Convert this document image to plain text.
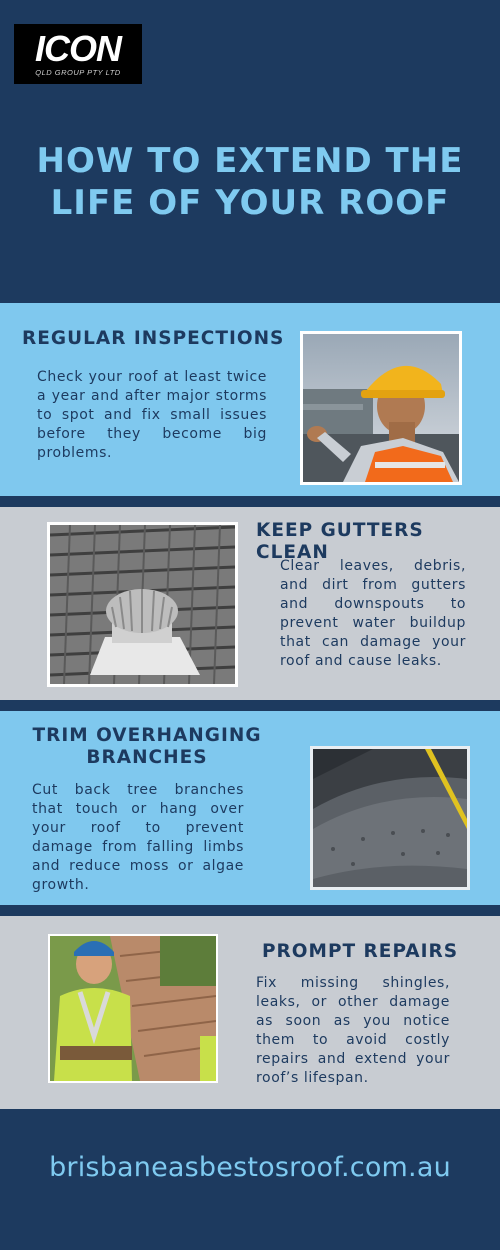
ICON
QLD GROUP PTY LTD
HOW TO EXTEND THE
LIFE OF YOUR ROOF
REGULAR INSPECTIONS
Check your roof at least twice a year and after major storms to spot and fix small issues before they become big problems.
KEEP GUTTERS CLEAN
Clear leaves, debris, and dirt from gutters and downspouts to prevent water buildup that can damage your roof and cause leaks.
TRIM OVERHANGING
BRANCHES
Cut back tree branches that touch or hang over your roof to prevent damage from falling limbs and reduce moss or algae growth.
PROMPT REPAIRS
Fix missing shingles, leaks, or other damage as soon as you notice them to avoid costly repairs and extend your roof’s lifespan.
brisbaneasbestosroof.com.au
